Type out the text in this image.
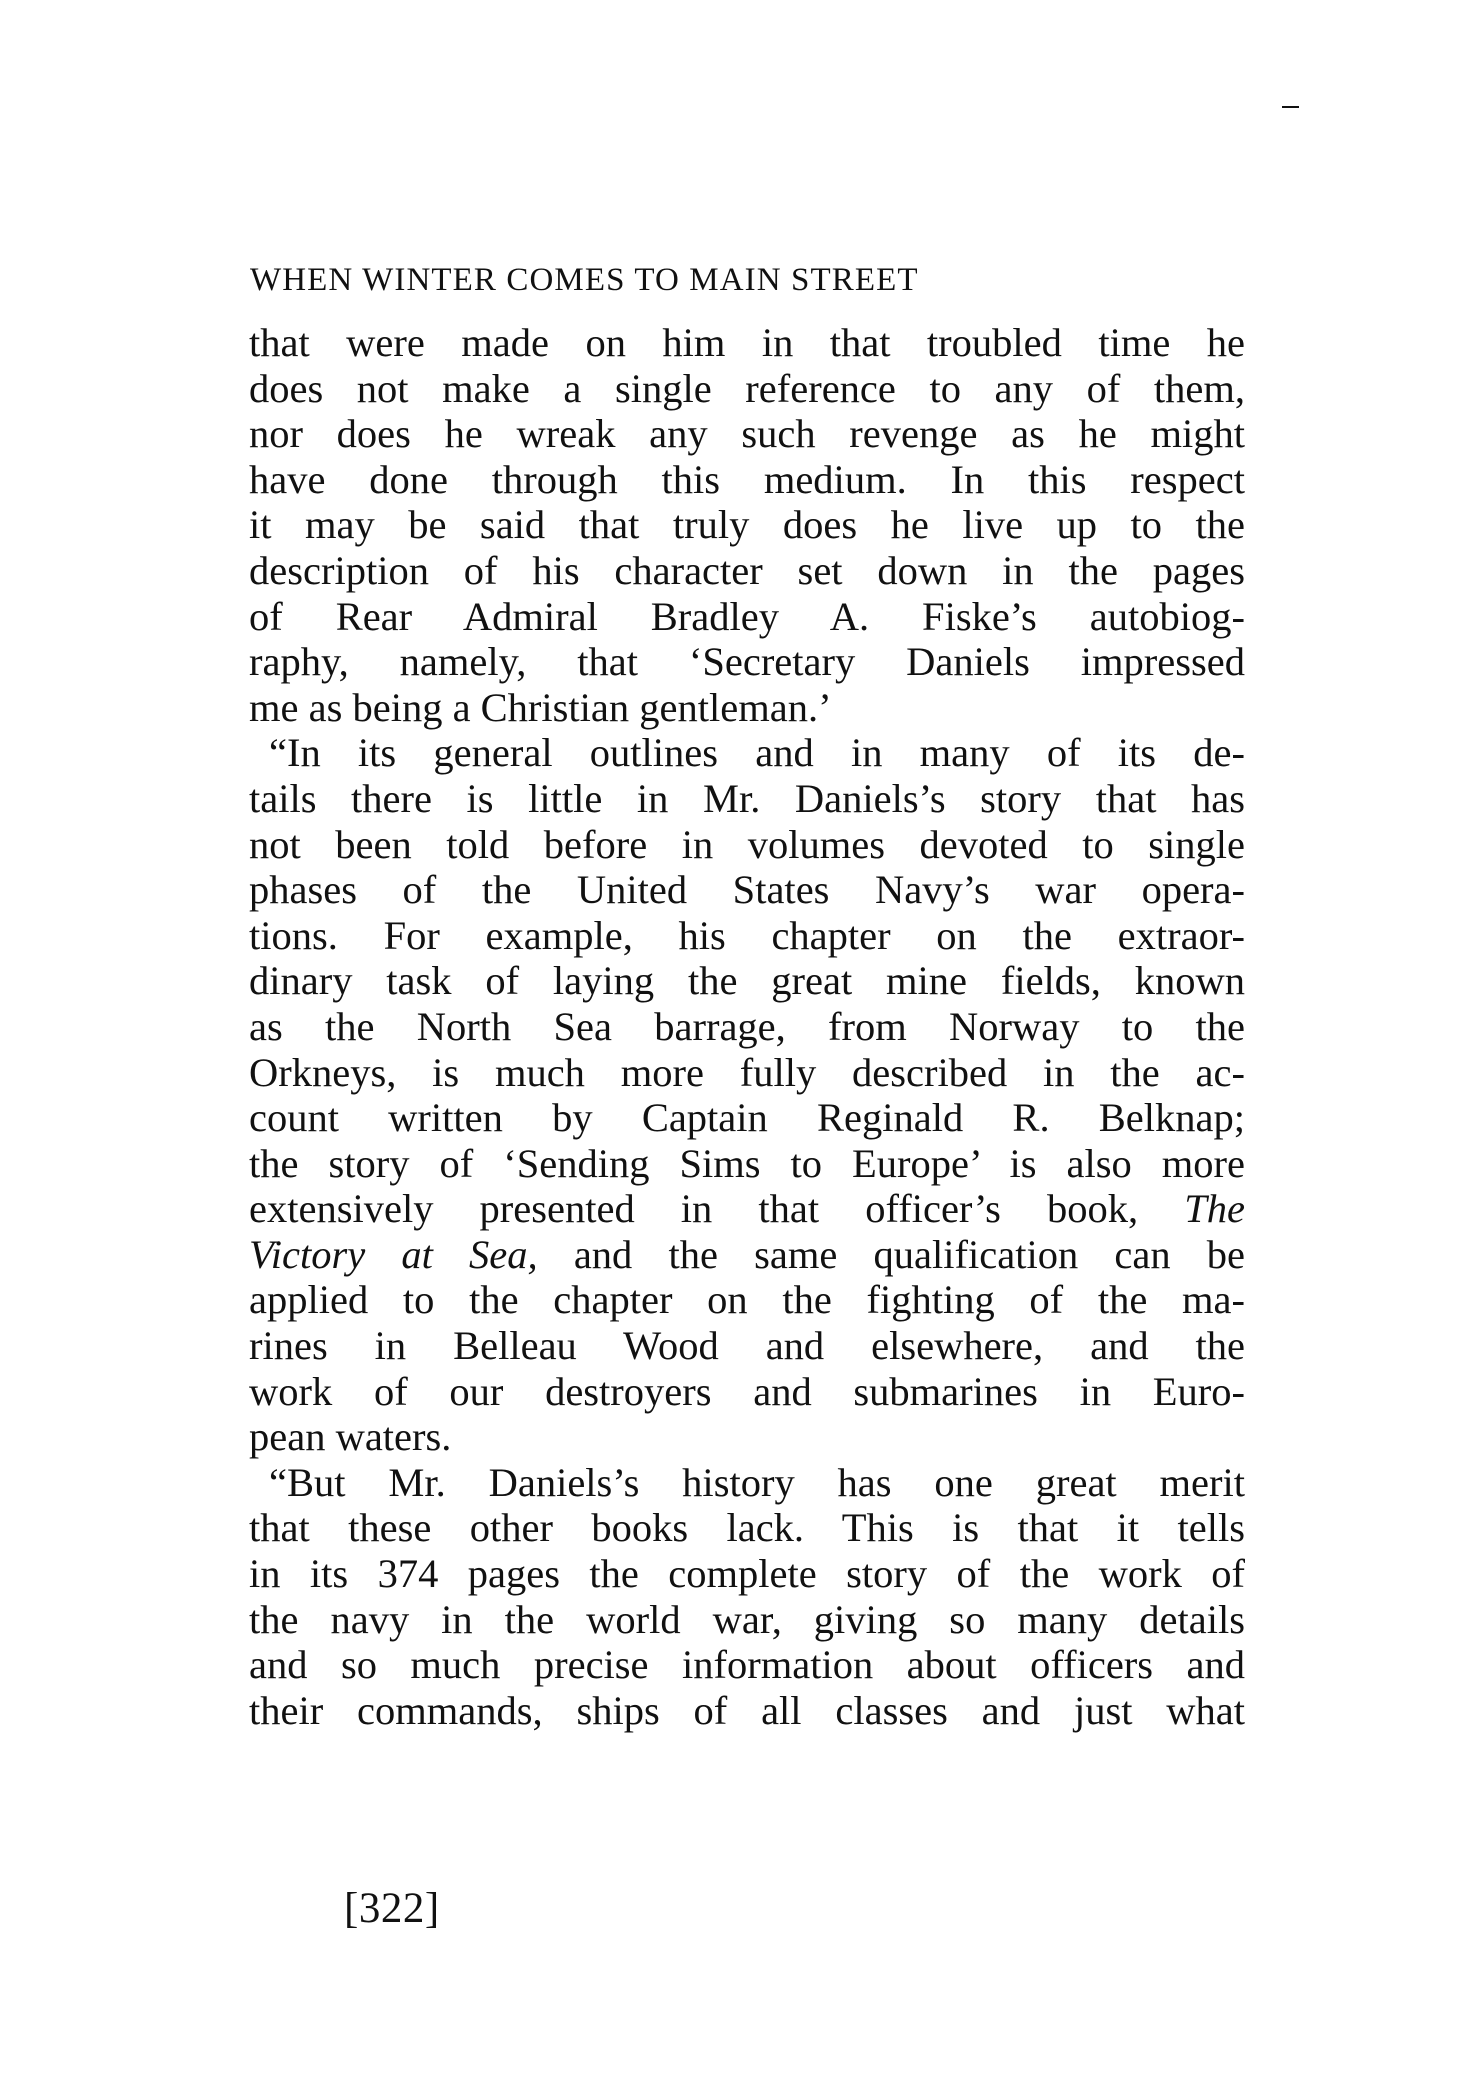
WHEN WINTER COMES TO MAIN STREET
that were made on him in that troubled time he
does not make a single reference to any of them,
nor does he wreak any such revenge as he might
have done through this medium. In this respect
it may be said that truly does he live up to the
description of his character set down in the pages
of Rear Admiral Bradley A. Fiske’s autobiog-
raphy, namely, that ‘Secretary Daniels impressed
me as being a Christian gentleman.’
“In its general outlines and in many of its de-
tails there is little in Mr. Daniels’s story that has
not been told before in volumes devoted to single
phases of the United States Navy’s war opera-
tions. For example, his chapter on the extraor-
dinary task of laying the great mine fields, known
as the North Sea barrage, from Norway to the
Orkneys, is much more fully described in the ac-
count written by Captain Reginald R. Belknap;
the story of ‘Sending Sims to Europe’ is also more
extensively presented in that officer’s book, The
Victory at Sea, and the same qualification can be
applied to the chapter on the fighting of the ma-
rines in Belleau Wood and elsewhere, and the
work of our destroyers and submarines in Euro-
pean waters.
“But Mr. Daniels’s history has one great merit
that these other books lack. This is that it tells
in its 374 pages the complete story of the work of
the navy in the world war, giving so many details
and so much precise information about officers and
their commands, ships of all classes and just what
[322]
